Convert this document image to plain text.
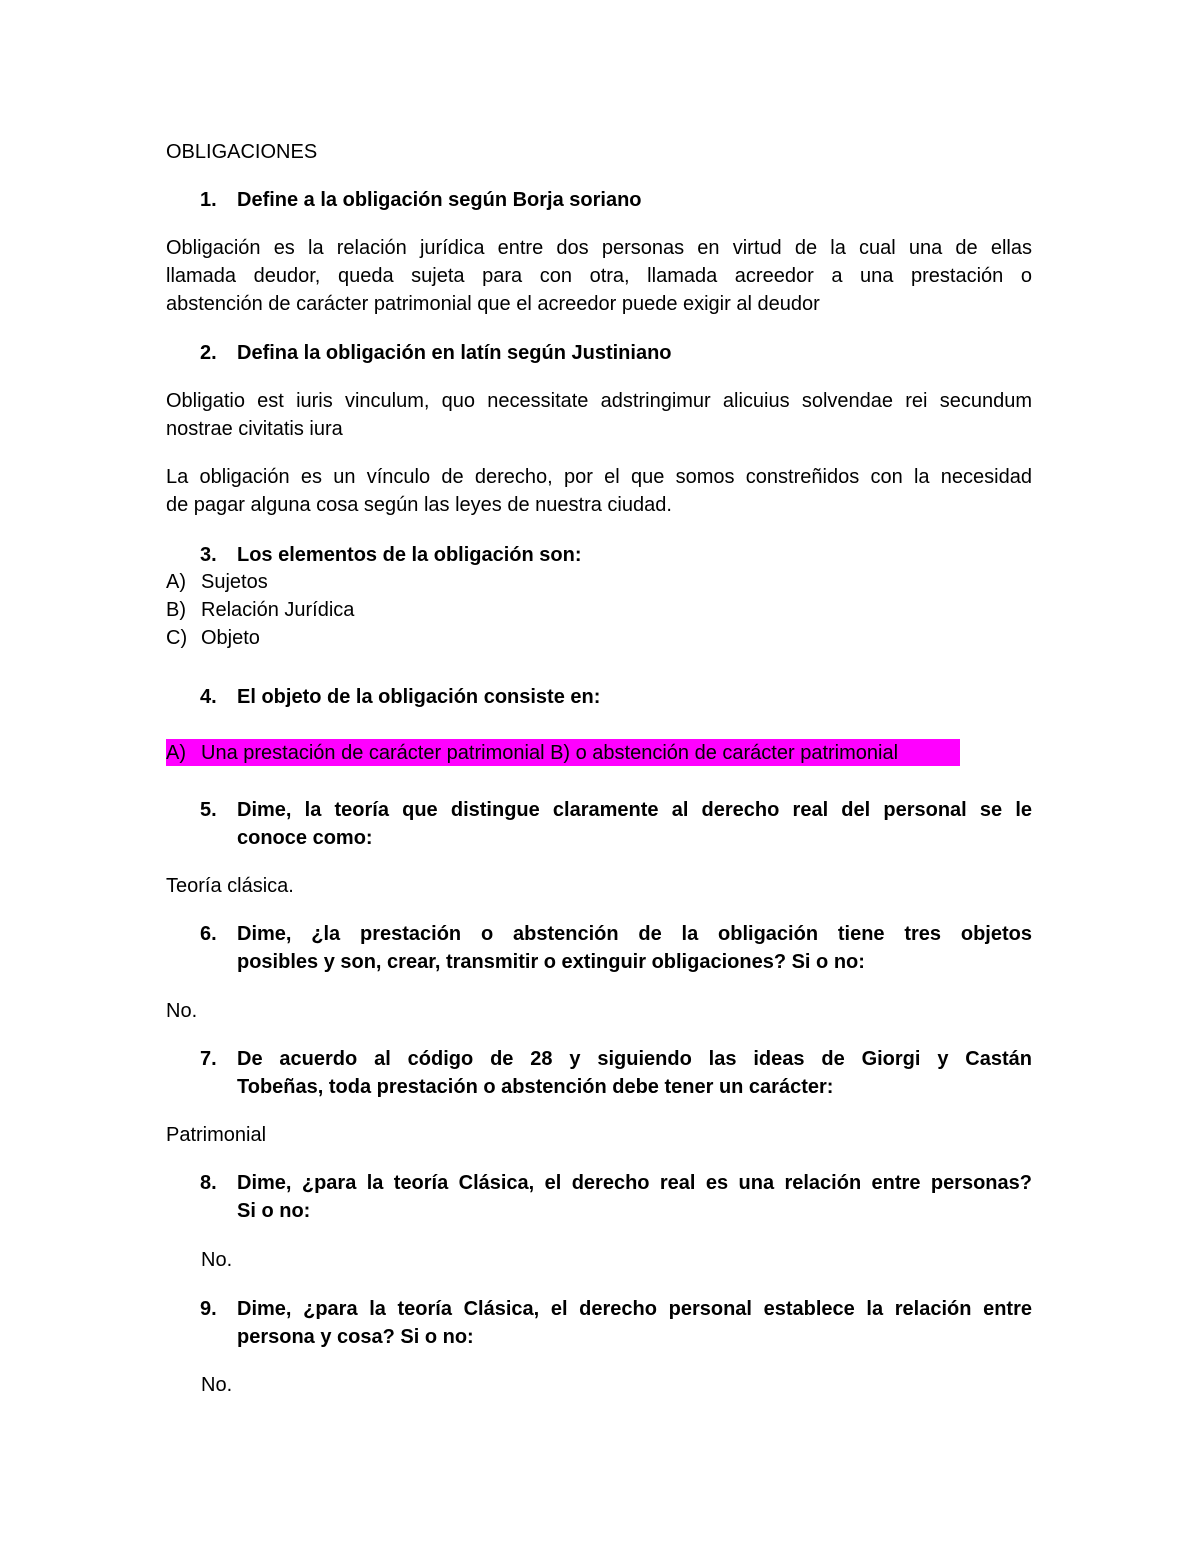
OBLIGACIONES
1. Define a la obligación según Borja soriano
Obligación es la relación jurídica entre dos personas en virtud de la cual una de ellas
llamada deudor, queda sujeta para con otra, llamada acreedor a una prestación o
abstención de carácter patrimonial que el acreedor puede exigir al deudor
2. Defina la obligación en latín según Justiniano
Obligatio est iuris vinculum, quo necessitate adstringimur alicuius solvendae rei secundum
nostrae civitatis iura
La obligación es un vínculo de derecho, por el que somos constreñidos con la necesidad
de pagar alguna cosa según las leyes de nuestra ciudad.
3. Los elementos de la obligación son:
A) Sujetos
B) Relación Jurídica
C) Objeto
4. El objeto de la obligación consiste en:
A) Una prestación de carácter patrimonial B) o abstención de carácter patrimonial
5. Dime, la teoría que distingue claramente al derecho real del personal se le
conoce como:
Teoría clásica.
6. Dime, ¿la prestación o abstención de la obligación tiene tres objetos
posibles y son, crear, transmitir o extinguir obligaciones? Si o no:
No.
7. De acuerdo al código de 28 y siguiendo las ideas de Giorgi y Castán
Tobeñas, toda prestación o abstención debe tener un carácter:
Patrimonial
8. Dime, ¿para la teoría Clásica, el derecho real es una relación entre personas?
Si o no:
No.
9. Dime, ¿para la teoría Clásica, el derecho personal establece la relación entre
persona y cosa? Si o no:
No.
